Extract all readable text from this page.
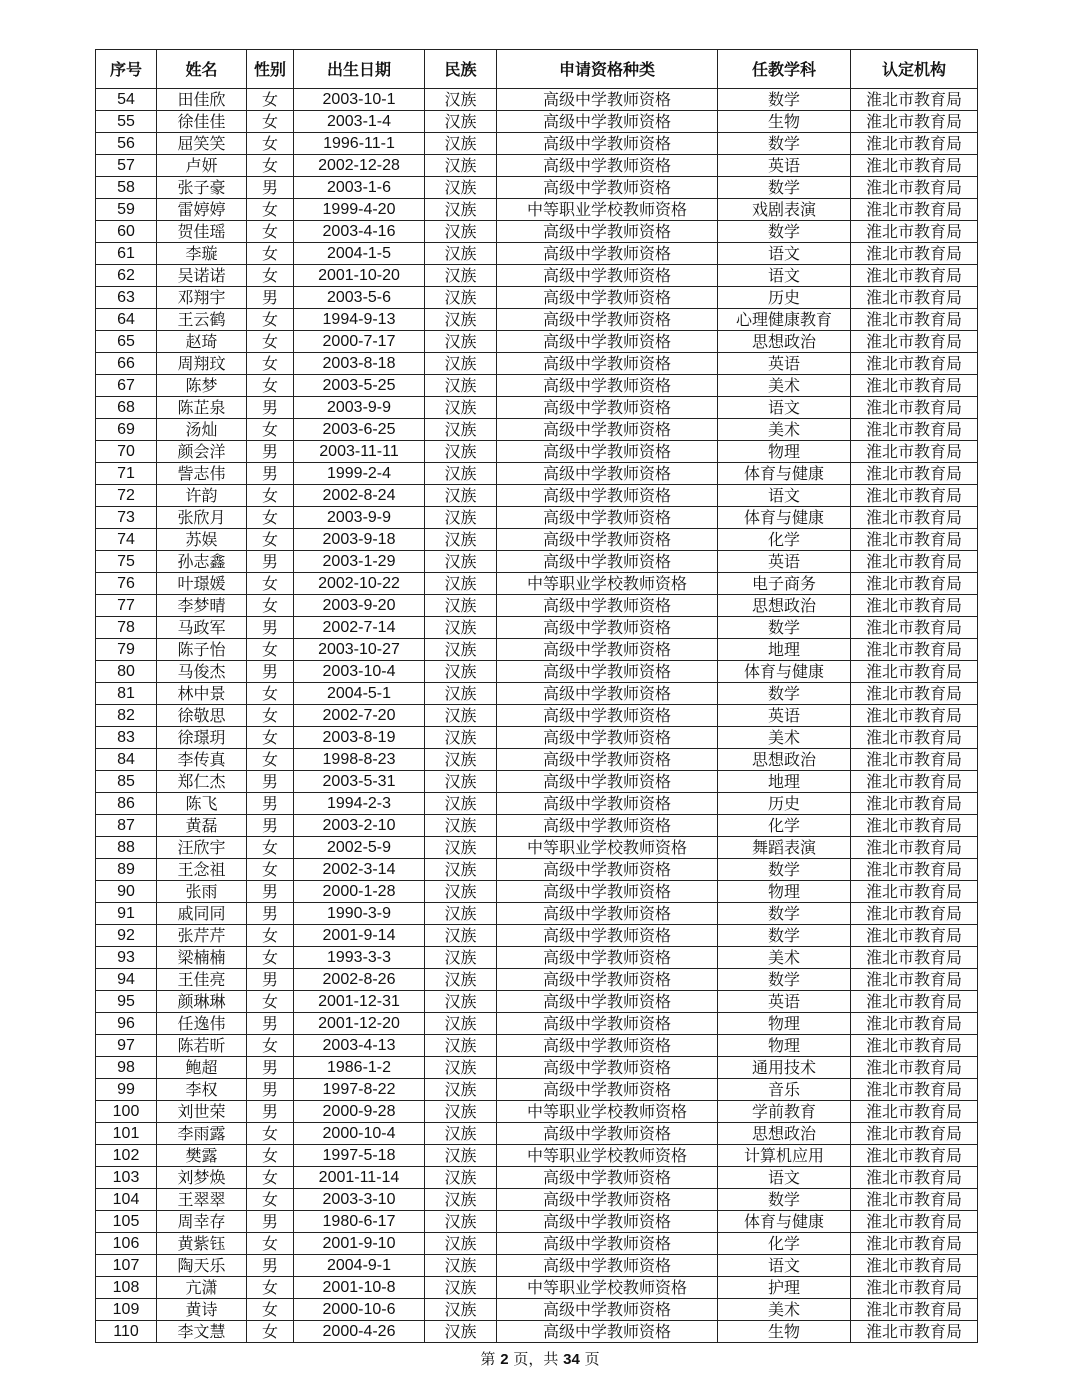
序号	姓名	性别	出生日期	民族	申请资格种类	任教学科	认定机构
54	田佳欣	女	2003-10-1	汉族	高级中学教师资格	数学	淮北市教育局
55	徐佳佳	女	2003-1-4	汉族	高级中学教师资格	生物	淮北市教育局
56	屈笑笑	女	1996-11-1	汉族	高级中学教师资格	数学	淮北市教育局
57	卢妍	女	2002-12-28	汉族	高级中学教师资格	英语	淮北市教育局
58	张子豪	男	2003-1-6	汉族	高级中学教师资格	数学	淮北市教育局
59	雷婷婷	女	1999-4-20	汉族	中等职业学校教师资格	戏剧表演	淮北市教育局
60	贺佳瑶	女	2003-4-16	汉族	高级中学教师资格	数学	淮北市教育局
61	李璇	女	2004-1-5	汉族	高级中学教师资格	语文	淮北市教育局
62	吴诺诺	女	2001-10-20	汉族	高级中学教师资格	语文	淮北市教育局
63	邓翔宇	男	2003-5-6	汉族	高级中学教师资格	历史	淮北市教育局
64	王云鹤	女	1994-9-13	汉族	高级中学教师资格	心理健康教育	淮北市教育局
65	赵琦	女	2000-7-17	汉族	高级中学教师资格	思想政治	淮北市教育局
66	周翔玟	女	2003-8-18	汉族	高级中学教师资格	英语	淮北市教育局
67	陈梦	女	2003-5-25	汉族	高级中学教师资格	美术	淮北市教育局
68	陈芷泉	男	2003-9-9	汉族	高级中学教师资格	语文	淮北市教育局
69	汤灿	女	2003-6-25	汉族	高级中学教师资格	美术	淮北市教育局
70	颜会洋	男	2003-11-11	汉族	高级中学教师资格	物理	淮北市教育局
71	訾志伟	男	1999-2-4	汉族	高级中学教师资格	体育与健康	淮北市教育局
72	许韵	女	2002-8-24	汉族	高级中学教师资格	语文	淮北市教育局
73	张欣月	女	2003-9-9	汉族	高级中学教师资格	体育与健康	淮北市教育局
74	苏娱	女	2003-9-18	汉族	高级中学教师资格	化学	淮北市教育局
75	孙志鑫	男	2003-1-29	汉族	高级中学教师资格	英语	淮北市教育局
76	叶璟媛	女	2002-10-22	汉族	中等职业学校教师资格	电子商务	淮北市教育局
77	李梦晴	女	2003-9-20	汉族	高级中学教师资格	思想政治	淮北市教育局
78	马政军	男	2002-7-14	汉族	高级中学教师资格	数学	淮北市教育局
79	陈子怡	女	2003-10-27	汉族	高级中学教师资格	地理	淮北市教育局
80	马俊杰	男	2003-10-4	汉族	高级中学教师资格	体育与健康	淮北市教育局
81	林中景	女	2004-5-1	汉族	高级中学教师资格	数学	淮北市教育局
82	徐敬思	女	2002-7-20	汉族	高级中学教师资格	英语	淮北市教育局
83	徐璟玥	女	2003-8-19	汉族	高级中学教师资格	美术	淮北市教育局
84	李传真	女	1998-8-23	汉族	高级中学教师资格	思想政治	淮北市教育局
85	郑仁杰	男	2003-5-31	汉族	高级中学教师资格	地理	淮北市教育局
86	陈飞	男	1994-2-3	汉族	高级中学教师资格	历史	淮北市教育局
87	黄磊	男	2003-2-10	汉族	高级中学教师资格	化学	淮北市教育局
88	汪欣宇	女	2002-5-9	汉族	中等职业学校教师资格	舞蹈表演	淮北市教育局
89	王念祖	女	2002-3-14	汉族	高级中学教师资格	数学	淮北市教育局
90	张雨	男	2000-1-28	汉族	高级中学教师资格	物理	淮北市教育局
91	戚同同	男	1990-3-9	汉族	高级中学教师资格	数学	淮北市教育局
92	张芹芹	女	2001-9-14	汉族	高级中学教师资格	数学	淮北市教育局
93	梁楠楠	女	1993-3-3	汉族	高级中学教师资格	美术	淮北市教育局
94	王佳亮	男	2002-8-26	汉族	高级中学教师资格	数学	淮北市教育局
95	颜琳琳	女	2001-12-31	汉族	高级中学教师资格	英语	淮北市教育局
96	任逸伟	男	2001-12-20	汉族	高级中学教师资格	物理	淮北市教育局
97	陈若昕	女	2003-4-13	汉族	高级中学教师资格	物理	淮北市教育局
98	鲍超	男	1986-1-2	汉族	高级中学教师资格	通用技术	淮北市教育局
99	李权	男	1997-8-22	汉族	高级中学教师资格	音乐	淮北市教育局
100	刘世荣	男	2000-9-28	汉族	中等职业学校教师资格	学前教育	淮北市教育局
101	李雨露	女	2000-10-4	汉族	高级中学教师资格	思想政治	淮北市教育局
102	樊露	女	1997-5-18	汉族	中等职业学校教师资格	计算机应用	淮北市教育局
103	刘梦焕	女	2001-11-14	汉族	高级中学教师资格	语文	淮北市教育局
104	王翠翠	女	2003-3-10	汉族	高级中学教师资格	数学	淮北市教育局
105	周幸存	男	1980-6-17	汉族	高级中学教师资格	体育与健康	淮北市教育局
106	黄紫钰	女	2001-9-10	汉族	高级中学教师资格	化学	淮北市教育局
107	陶天乐	男	2004-9-1	汉族	高级中学教师资格	语文	淮北市教育局
108	亢潇	女	2001-10-8	汉族	中等职业学校教师资格	护理	淮北市教育局
109	黄诗	女	2000-10-6	汉族	高级中学教师资格	美术	淮北市教育局
110	李文慧	女	2000-4-26	汉族	高级中学教师资格	生物	淮北市教育局
第 2 页，共 34 页
